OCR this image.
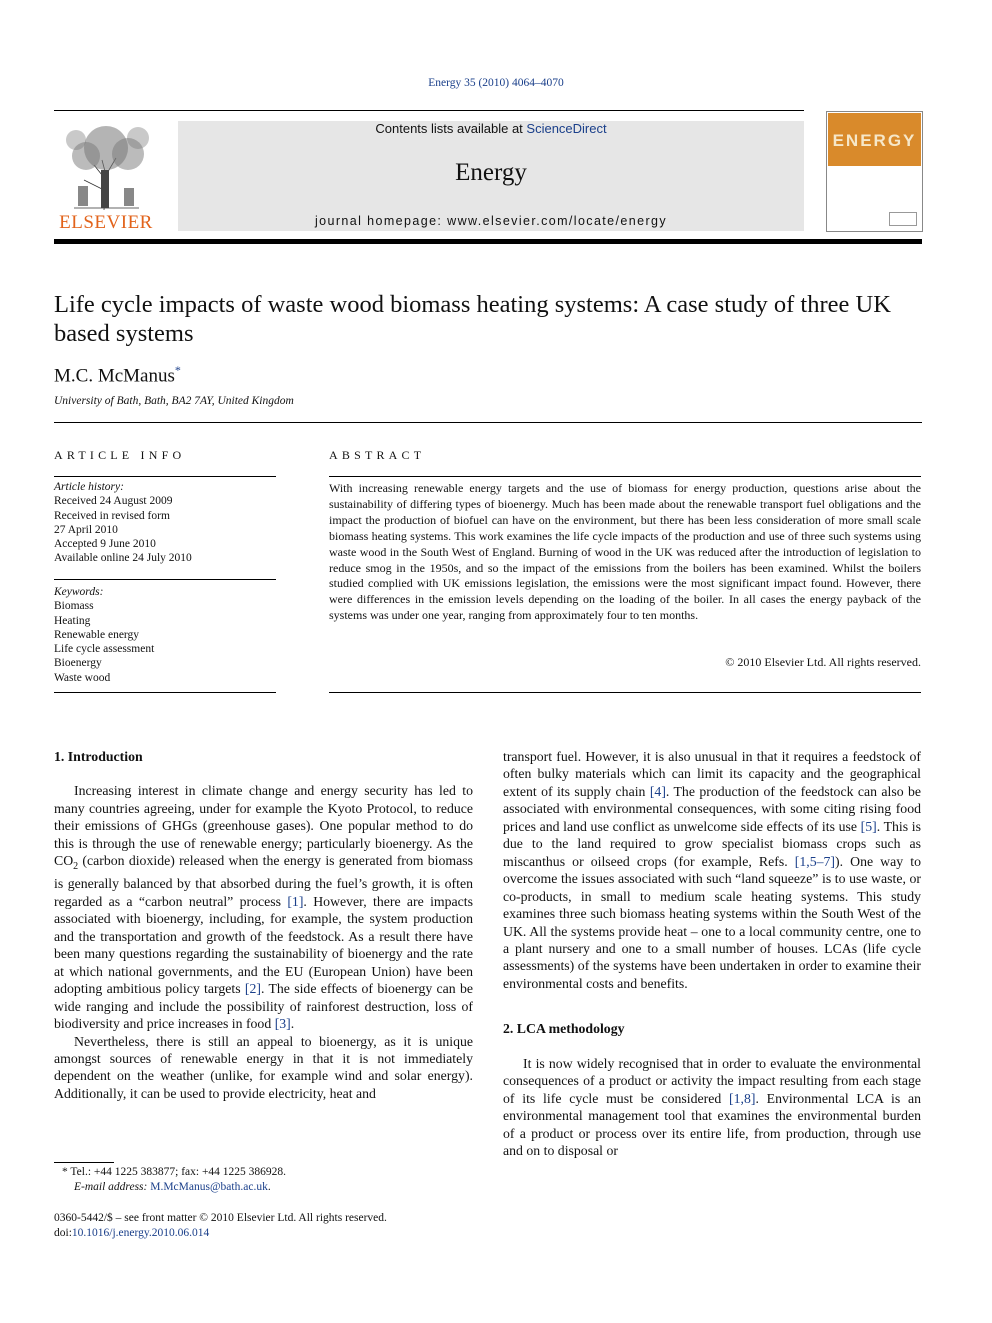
Energy 35 (2010) 4064–4070
ELSEVIER
Contents lists available at ScienceDirect
Energy
journal homepage: www.elsevier.com/locate/energy
ENERGY
Life cycle impacts of waste wood biomass heating systems: A case study of three UK based systems
M.C. McManus*
University of Bath, Bath, BA2 7AY, United Kingdom
ARTICLE INFO
Article history:
Received 24 August 2009
Received in revised form
27 April 2010
Accepted 9 June 2010
Available online 24 July 2010
Keywords:
Biomass
Heating
Renewable energy
Life cycle assessment
Bioenergy
Waste wood
ABSTRACT
With increasing renewable energy targets and the use of biomass for energy production, questions arise about the sustainability of differing types of bioenergy. Much has been made about the renewable transport fuel obligations and the impact the production of biofuel can have on the environment, but there has been less consideration of more small scale biomass heating systems. This work examines the life cycle impacts of the production and use of three such systems using waste wood in the South West of England. Burning of wood in the UK was reduced after the introduction of legislation to reduce smog in the 1950s, and so the impact of the emissions from the boilers has been examined. Whilst the boilers studied complied with UK emissions legislation, the emissions were the most significant impact found. However, there were differences in the emission levels depending on the loading of the boiler. In all cases the energy payback of the systems was under one year, ranging from approximately four to ten months.
© 2010 Elsevier Ltd. All rights reserved.
1. Introduction

Increasing interest in climate change and energy security has led to many countries agreeing, under for example the Kyoto Protocol, to reduce their emissions of GHGs (greenhouse gases). One popular method to do this is through the use of renewable energy; particularly bioenergy. As the $CO_2$ (carbon dioxide) released when the energy is generated from biomass is generally balanced by that absorbed during the fuel’s growth, it is often regarded as a “carbon neutral” process [1]. However, there are impacts associated with bioenergy, including, for example, the system production and the transportation and growth of the feedstock. As a result there have been many questions regarding the sustainability of bioenergy and the rate at which national governments, and the EU (European Union) have been adopting ambitious policy targets [2]. The side effects of bioenergy can be wide ranging and include the possibility of rainforest destruction, loss of biodiversity and price increases in food [3].

Nevertheless, there is still an appeal to bioenergy, as it is unique amongst sources of renewable energy in that it is not immediately dependent on the weather (unlike, for example wind and solar energy). Additionally, it can be used to provide electricity, heat and

* Tel.: +44 1225 383877; fax: +44 1225 386928.
E-mail address: M.McManus@bath.ac.uk.
0360-5442/$ – see front matter © 2010 Elsevier Ltd. All rights reserved.
doi:10.1016/j.energy.2010.06.014

transport fuel. However, it is also unusual in that it requires a feedstock of often bulky materials which can limit its capacity and the geographical extent of its supply chain [4]. The production of the feedstock can also be associated with environmental consequences, with some citing rising food prices and land use conflict as unwelcome side effects of its use [5]. This is due to the land required to grow specialist biomass crops such as miscanthus or oilseed crops (for example, Refs. [1,5–7]). One way to overcome the issues associated with such “land squeeze” is to use waste, or co-products, in small to medium scale heating systems. This study examines three such biomass heating systems within the South West of the UK. All the systems provide heat – one to a local community centre, one to a plant nursery and one to a small number of houses. LCAs (life cycle assessments) of the systems have been undertaken in order to examine their environmental costs and benefits.

2. LCA methodology

It is now widely recognised that in order to evaluate the environmental consequences of a product or activity the impact resulting from each stage of its life cycle must be considered [1,8]. Environmental LCA is an environmental management tool that examines the environmental burden of a product or process over its entire life, from production, through use and on to disposal or
